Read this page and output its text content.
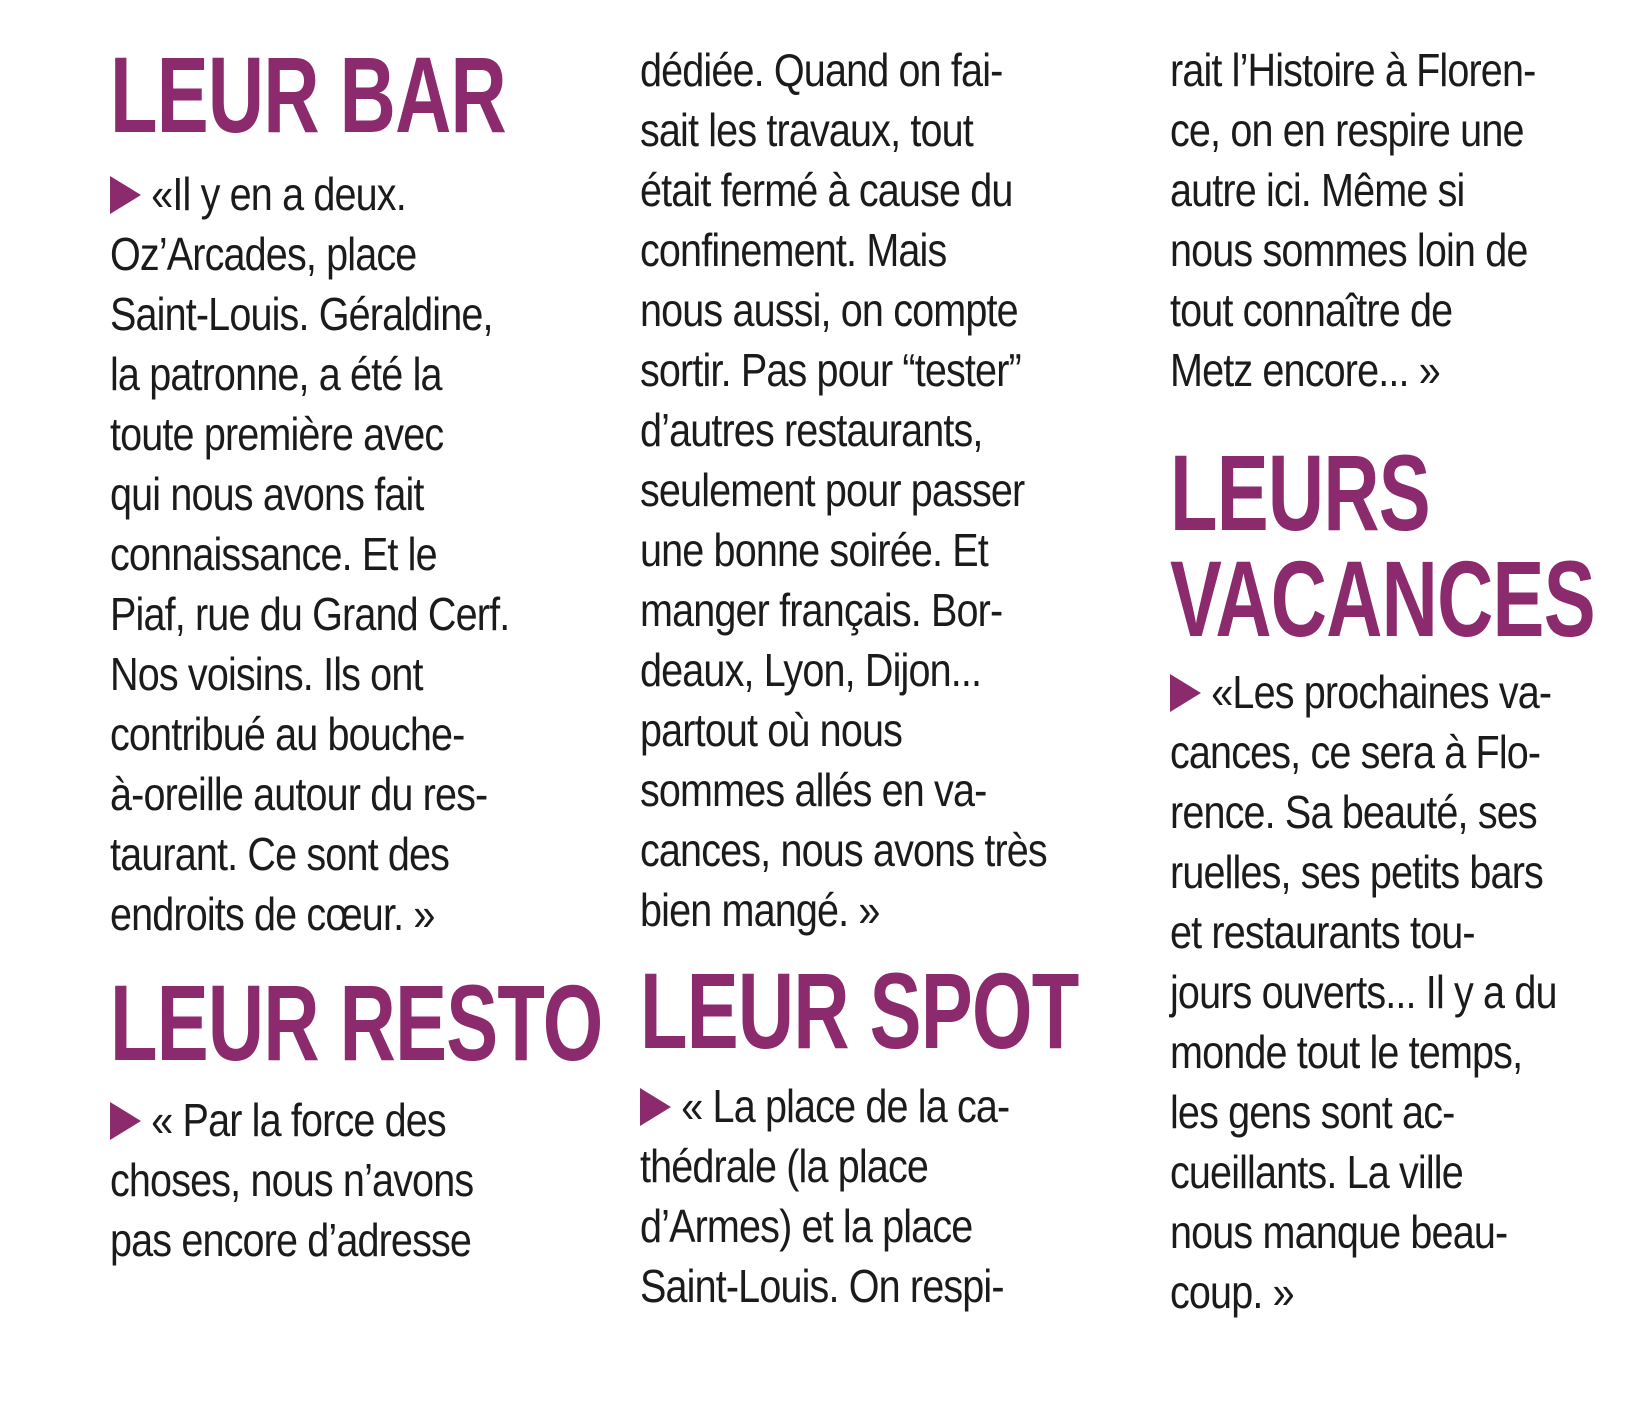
LEUR BAR
«Il y en a deux.
Oz’Arcades, place
Saint-Louis. Géraldine,
la patronne, a été la
toute première avec
qui nous avons fait
connaissance. Et le
Piaf, rue du Grand Cerf.
Nos voisins. Ils ont
contribué au bouche-
à-oreille autour du res-
taurant. Ce sont des
endroits de cœur. »
LEUR RESTO
« Par la force des
choses, nous n’avons
pas encore d’adresse
dédiée. Quand on fai-
sait les travaux, tout
était fermé à cause du
confinement. Mais
nous aussi, on compte
sortir. Pas pour “tester”
d’autres restaurants,
seulement pour passer
une bonne soirée. Et
manger français. Bor-
deaux, Lyon, Dijon...
partout où nous
sommes allés en va-
cances, nous avons très
bien mangé. »
LEUR SPOT
« La place de la ca-
thédrale (la place
d’Armes) et la place
Saint-Louis. On respi-
rait l’Histoire à Floren-
ce, on en respire une
autre ici. Même si
nous sommes loin de
tout connaître de
Metz encore... »
LEURS
VACANCES
«Les prochaines va-
cances, ce sera à Flo-
rence. Sa beauté, ses
ruelles, ses petits bars
et restaurants tou-
jours ouverts... Il y a du
monde tout le temps,
les gens sont ac-
cueillants. La ville
nous manque beau-
coup. »
